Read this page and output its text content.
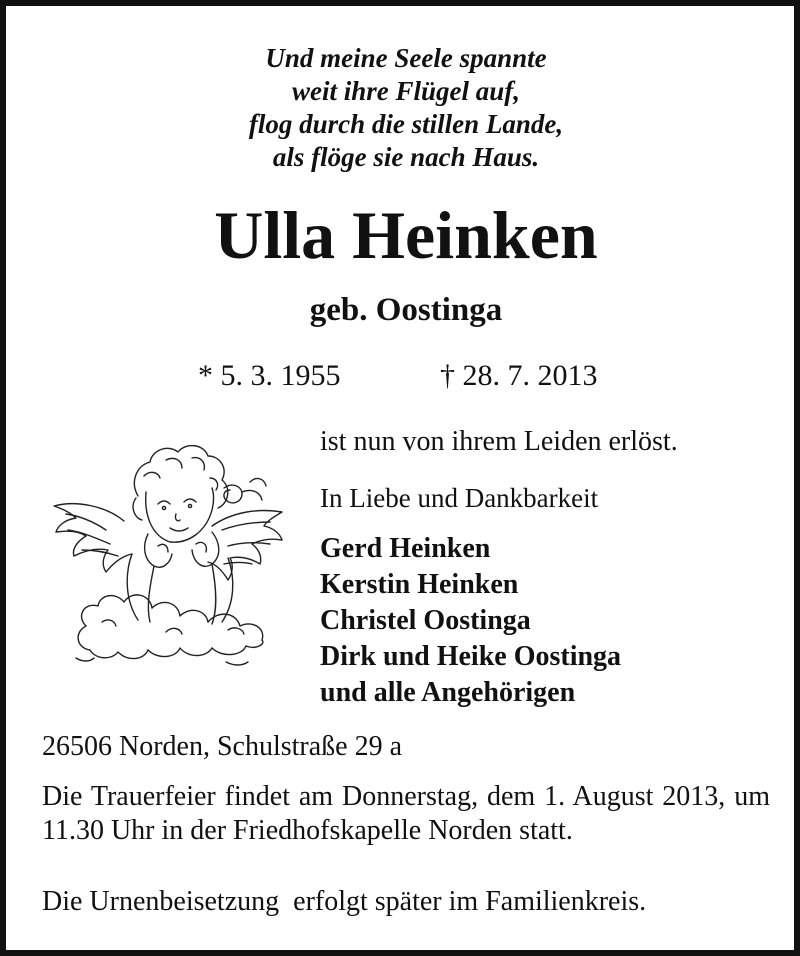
Und meine Seele spannte
weit ihre Flügel auf,
flog durch die stillen Lande,
als flöge sie nach Haus.
Ulla Heinken
geb. Oostinga
* 5. 3. 1955	† 28. 7. 2013
ist nun von ihrem Leiden erlöst.
In Liebe und Dankbarkeit
Gerd Heinken
Kerstin Heinken
Christel Oostinga
Dirk und Heike Oostinga
und alle Angehörigen
26506 Norden, Schulstraße 29 a
Die Trauerfeier findet am Donnerstag, dem 1. August 2013, um 11.30 Uhr in der Friedhofskapelle Norden statt.
Die Urnenbeisetzung  erfolgt später im Familienkreis.
